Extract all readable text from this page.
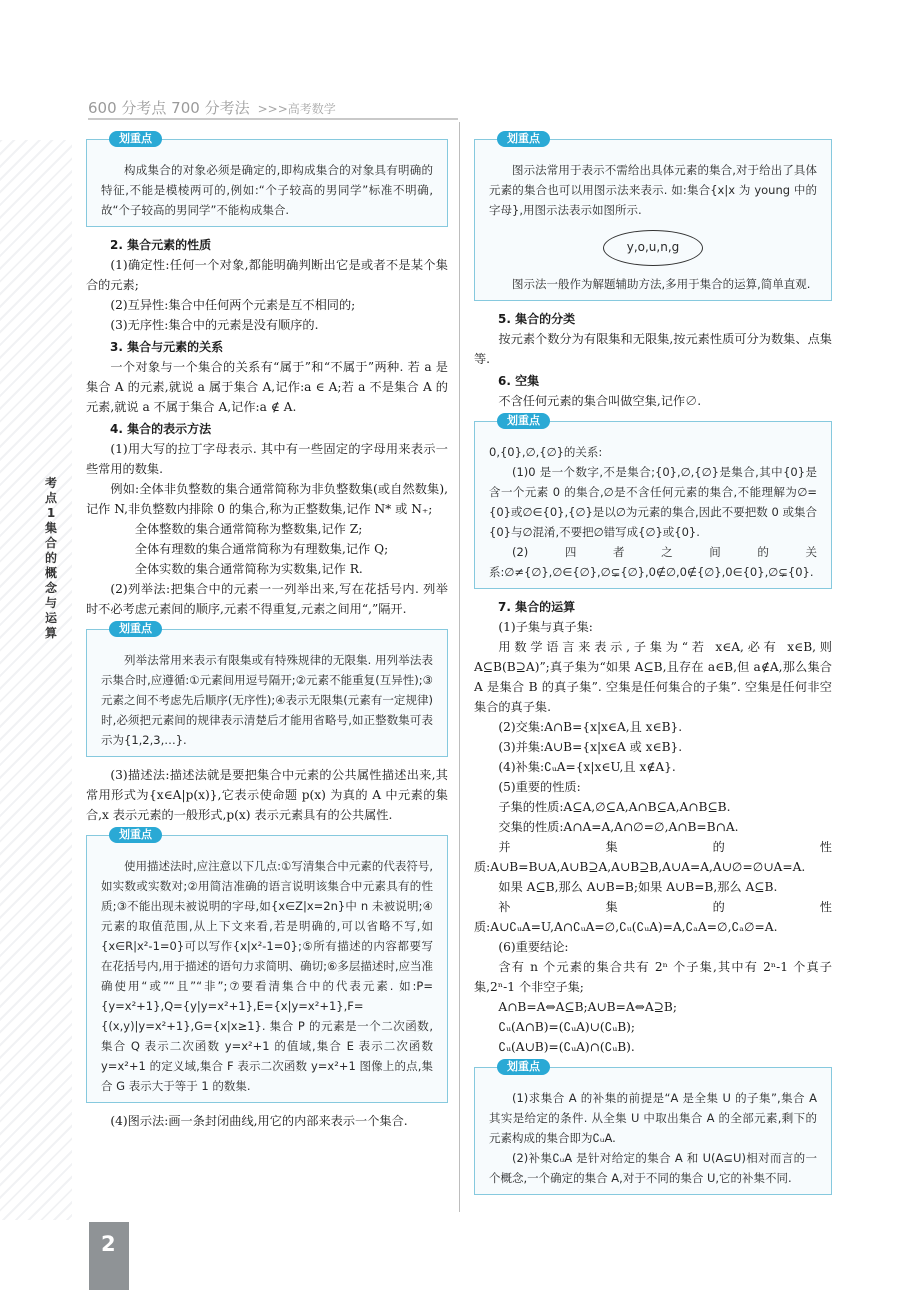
考点1 集合的概念与运算
600 分考点 700 分考法 >>>高考数学
划重点

构成集合的对象必须是确定的,即构成集合的对象具有明确的特征,不能是模棱两可的,例如:“个子较高的男同学”标准不明确,故“个子较高的男同学”不能构成集合.

2. 集合元素的性质

(1)确定性:任何一个对象,都能明确判断出它是或者不是某个集合的元素;

(2)互异性:集合中任何两个元素是互不相同的;

(3)无序性:集合中的元素是没有顺序的.

3. 集合与元素的关系

一个对象与一个集合的关系有“属于”和“不属于”两种. 若 a 是集合 A 的元素,就说 a 属于集合 A,记作:a ∈ A;若 a 不是集合 A 的元素,就说 a 不属于集合 A,记作:a ∉ A.

4. 集合的表示方法

(1)用大写的拉丁字母表示. 其中有一些固定的字母用来表示一些常用的数集.

例如:全体非负整数的集合通常简称为非负整数集(或自然数集),记作 N,非负整数内排除 0 的集合,称为正整数集,记作 N* 或 N₊;

全体整数的集合通常简称为整数集,记作 Z;

全体有理数的集合通常简称为有理数集,记作 Q;

全体实数的集合通常简称为实数集,记作 R.

(2)列举法:把集合中的元素一一列举出来,写在花括号内. 列举时不必考虑元素间的顺序,元素不得重复,元素之间用“,”隔开.

划重点

列举法常用来表示有限集或有特殊规律的无限集. 用列举法表示集合时,应遵循:①元素间用逗号隔开;②元素不能重复(互异性);③元素之间不考虑先后顺序(无序性);④表示无限集(元素有一定规律)时,必须把元素间的规律表示清楚后才能用省略号,如正整数集可表示为{1,2,3,…}.

(3)描述法:描述法就是要把集合中元素的公共属性描述出来,其常用形式为{x∈A|p(x)},它表示使命题 p(x) 为真的 A 中元素的集合,x 表示元素的一般形式,p(x) 表示元素具有的公共属性.

划重点

使用描述法时,应注意以下几点:①写清集合中元素的代表符号,如实数或实数对;②用简洁准确的语言说明该集合中元素具有的性质;③不能出现未被说明的字母,如{x∈Z|x=2n}中 n 未被说明;④元素的取值范围,从上下文来看,若是明确的,可以省略不写,如{x∈R|x²-1=0}可以写作{x|x²-1=0};⑤所有描述的内容都要写在花括号内,用于描述的语句力求简明、确切;⑥多层描述时,应当准确使用“或”“且”“非”;⑦要看清集合中的代表元素. 如:P={y=x²+1},Q={y|y=x²+1},E={x|y=x²+1},F={(x,y)|y=x²+1},G={x|x≥1}. 集合 P 的元素是一个二次函数,集合 Q 表示二次函数 y=x²+1 的值域,集合 E 表示二次函数 y=x²+1 的定义域,集合 F 表示二次函数 y=x²+1 图像上的点,集合 G 表示大于等于 1 的数集.

(4)图示法:画一条封闭曲线,用它的内部来表示一个集合.

划重点

图示法常用于表示不需给出具体元素的集合,对于给出了具体元素的集合也可以用图示法来表示. 如:集合{x|x 为 young 中的字母},用图示法表示如图所示.

y,o,u,n,g

图示法一般作为解题辅助方法,多用于集合的运算,简单直观.

5. 集合的分类

按元素个数分为有限集和无限集,按元素性质可分为数集、点集等.

6. 空集

不含任何元素的集合叫做空集,记作∅.

划重点

0,{0},∅,{∅}的关系:

(1)0 是一个数字,不是集合;{0},∅,{∅}是集合,其中{0}是含一个元素 0 的集合,∅是不含任何元素的集合,不能理解为∅={0}或∅∈{0},{∅}是以∅为元素的集合,因此不要把数 0 或集合{0}与∅混淆,不要把∅错写成{∅}或{0}.

(2)四者之间的关系:∅≠{∅},∅∈{∅},∅⊊{∅},0∉∅,0∉{∅},0∈{0},∅⊊{0}.

7. 集合的运算

(1)子集与真子集:

用数学语言来表示,子集为“若 x∈A,必有 x∈B,则 A⊆B(B⊇A)”;真子集为“如果 A⊆B,且存在 a∈B,但 a∉A,那么集合 A 是集合 B 的真子集”. 空集是任何集合的子集”. 空集是任何非空集合的真子集.

(2)交集:A∩B={x|x∈A,且 x∈B}.

(3)并集:A∪B={x|x∈A 或 x∈B}.

(4)补集:∁ᵤA={x|x∈U,且 x∉A}.

(5)重要的性质:

子集的性质:A⊆A,∅⊆A,A∩B⊆A,A∩B⊆B.

交集的性质:A∩A=A,A∩∅=∅,A∩B=B∩A.

并集的性质:A∪B=B∪A,A∪B⊇A,A∪B⊇B,A∪A=A,A∪∅=∅∪A=A.

如果 A⊆B,那么 A∪B=B;如果 A∪B=B,那么 A⊆B.

补集的性质:A∪∁ᵤA=U,A∩∁ᵤA=∅,∁ᵤ(∁ᵤA)=A,∁ₐA=∅,∁ₐ∅=A.

(6)重要结论:

含有 n 个元素的集合共有 2ⁿ 个子集,其中有 2ⁿ-1 个真子集,2ⁿ-1 个非空子集;

A∩B=A⇔A⊆B;A∪B=A⇔A⊇B;

∁ᵤ(A∩B)=(∁ᵤA)∪(∁ᵤB);

∁ᵤ(A∪B)=(∁ᵤA)∩(∁ᵤB).

划重点

(1)求集合 A 的补集的前提是“A 是全集 U 的子集”,集合 A 其实是给定的条件. 从全集 U 中取出集合 A 的全部元素,剩下的元素构成的集合即为∁ᵤA.

(2)补集∁ᵤA 是针对给定的集合 A 和 U(A⊆U)相对而言的一个概念,一个确定的集合 A,对于不同的集合 U,它的补集不同.

2
